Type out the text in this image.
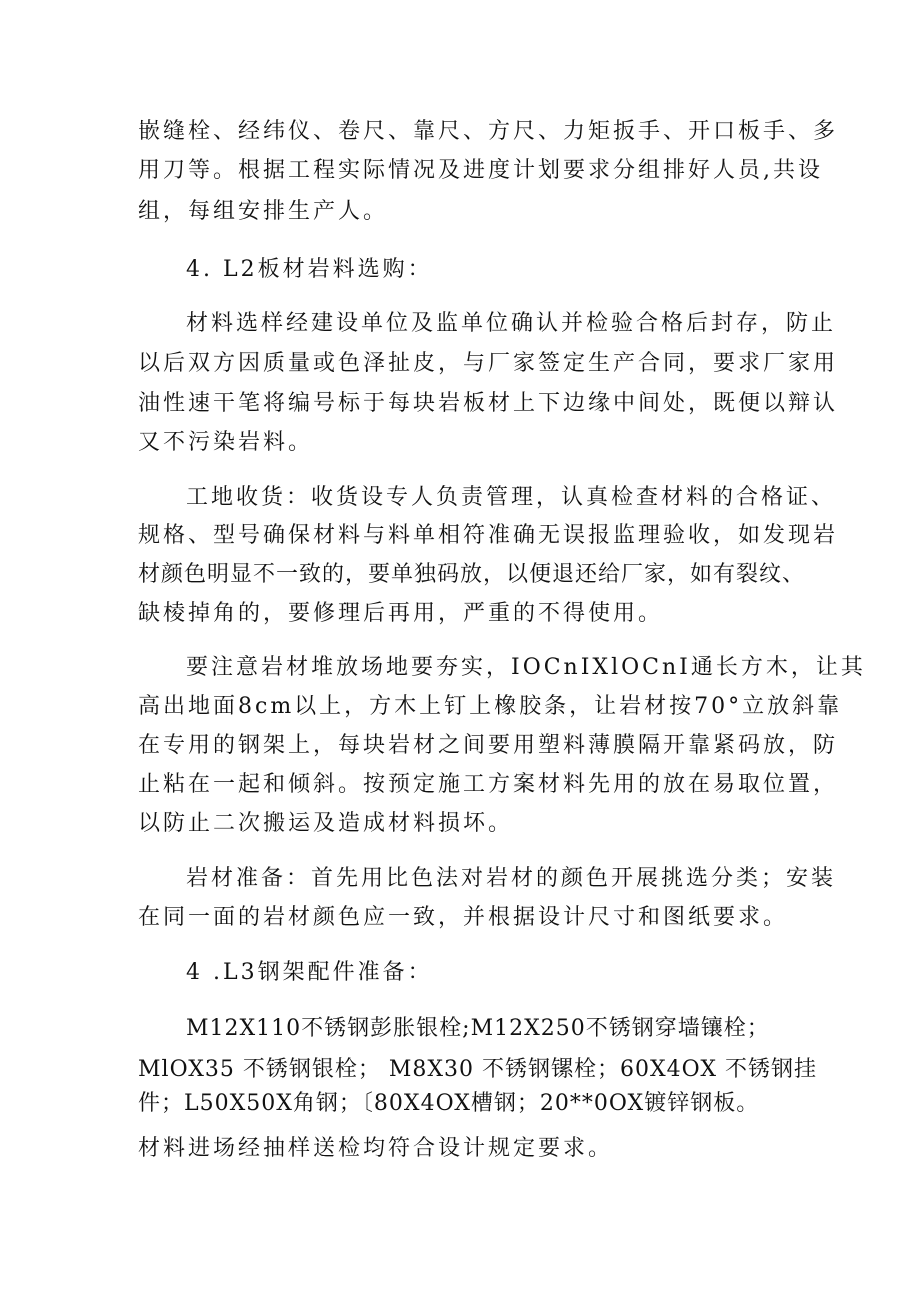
嵌缝栓、经纬仪、卷尺、靠尺、方尺、力矩扳手、开口板手、多
用刀等。根据工程实际情况及进度计划要求分组排好人员,共设
组，每组安排生产人。
4. L2板材岩料选购：
材料选样经建设单位及监单位确认并检验合格后封存，防止
以后双方因质量或色泽扯皮，与厂家签定生产合同，要求厂家用
油性速干笔将编号标于每块岩板材上下边缘中间处，既便以辩认
又不污染岩料。
工地收货：收货设专人负责管理，认真检查材料的合格证、
规格、型号确保材料与料单相符准确无误报监理验收，如发现岩
材颜色明显不一致的，要单独码放，以便退还给厂家，如有裂纹、
缺棱掉角的，要修理后再用，严重的不得使用。
要注意岩材堆放场地要夯实，IOCnIXlOCnI通长方木，让其
高出地面8cm以上，方木上钉上橡胶条，让岩材按70°立放斜靠
在专用的钢架上，每块岩材之间要用塑料薄膜隔开靠紧码放，防
止粘在一起和倾斜。按预定施工方案材料先用的放在易取位置，
以防止二次搬运及造成材料损坏。
岩材准备：首先用比色法对岩材的颜色开展挑选分类；安装
在同一面的岩材颜色应一致，并根据设计尺寸和图纸要求。
4 .L3钢架配件准备：
M12X110不锈钢彭胀银栓;M12X250不锈钢穿墙镶栓；
MlOX35 不锈钢银栓； M8X30 不锈钢镙栓；60X4OX 不锈钢挂
件；L50X50X角钢；〔80X4OX槽钢；20**0OX镀锌钢板。
材料进场经抽样送检均符合设计规定要求。
